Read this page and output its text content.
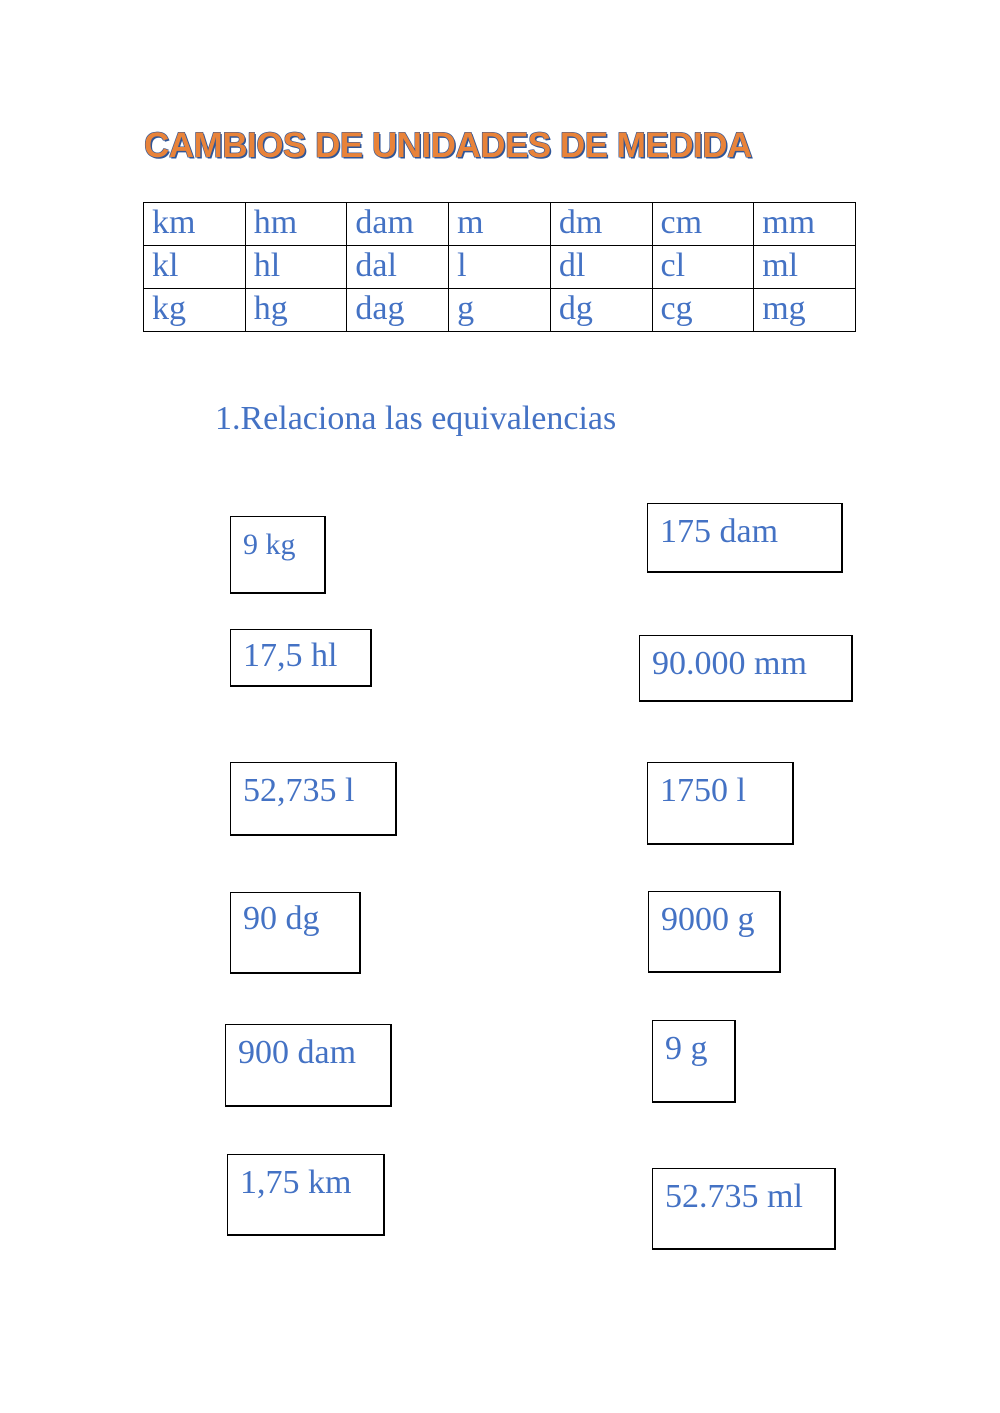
CAMBIOS DE UNIDADES DE MEDIDA
km	hm	dam	m	dm	cm	mm
kl	hl	dal	l	dl	cl	ml
kg	hg	dag	g	dg	cg	mg
1.Relaciona las equivalencias
9 kg
17,5 hl
52,735 l
90 dg
900 dam
1,75 km
175 dam
90.000 mm
1750 l
9000 g
9 g
52.735 ml
